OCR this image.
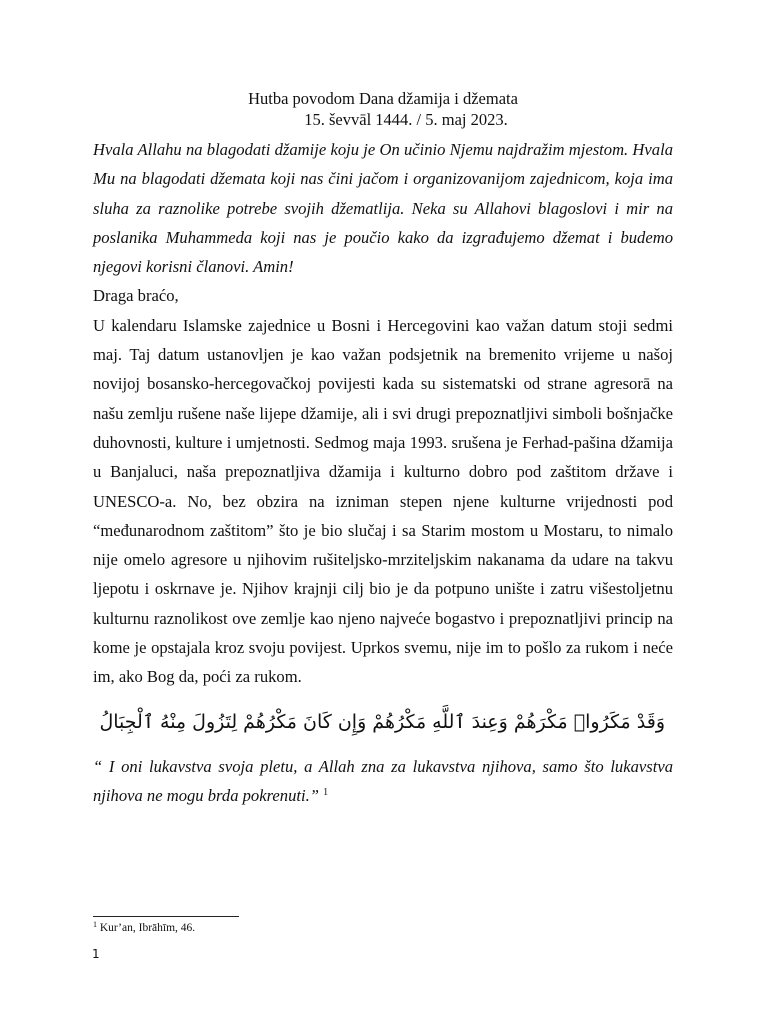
Hutba povodom Dana džamija i džemata
15. ševvāl 1444. / 5. maj 2023.

Hvala Allahu na blagodati džamije koju je On učinio Njemu najdražim mjestom. Hvala Mu na blagodati džemata koji nas čini jačom i organizovanijom zajednicom, koja ima sluha za raznolike potrebe svojih džematlija. Neka su Allahovi blagoslovi i mir na poslanika Muhammeda koji nas je poučio kako da izgrađujemo džemat i budemo njegovi korisni članovi. Amin!

Draga braćo,

U kalendaru Islamske zajednice u Bosni i Hercegovini kao važan datum stoji sedmi maj. Taj datum ustanovljen je kao važan podsjetnik na bremenito vrijeme u našoj novijoj bosansko-hercegovačkoj povijesti kada su sistematski od strane agresorā na našu zemlju rušene naše lijepe džamije, ali i svi drugi prepoznatljivi simboli bošnjačke duhovnosti, kulture i umjetnosti. Sedmog maja 1993. srušena je Ferhad-pašina džamija u Banjaluci, naša prepoznatljiva džamija i kulturno dobro pod zaštitom države i UNESCO-a. No, bez obzira na izniman stepen njene kulturne vrijednosti pod “međunarodnom zaštitom” što je bio slučaj i sa Starim mostom u Mostaru, to nimalo nije omelo agresore u njihovim rušiteljsko-mrziteljskim nakanama da udare na takvu ljepotu i oskrnave je. Njihov krajnji cilj bio je da potpuno unište i zatru višestoljetnu kulturnu raznolikost ove zemlje kao njeno najveće bogastvo i prepoznatljivi princip na kome je opstajala kroz svoju povijest. Uprkos svemu, nije im to pošlo za rukom i neće im, ako Bog da, poći za rukom.

وَقَدْ مَكَرُوا۟ مَكْرَهُمْ وَعِندَ ٱللَّهِ مَكْرُهُمْ وَإِن كَانَ مَكْرُهُمْ لِتَزُولَ مِنْهُ ٱلْجِبَالُ

“ I oni lukavstva svoja pletu, a Allah zna za lukavstva njihova, samo što lukavstva njihova ne mogu brda pokrenuti.” $^1$

$^1$ Kur’an, Ibrāhīm, 46.
1
